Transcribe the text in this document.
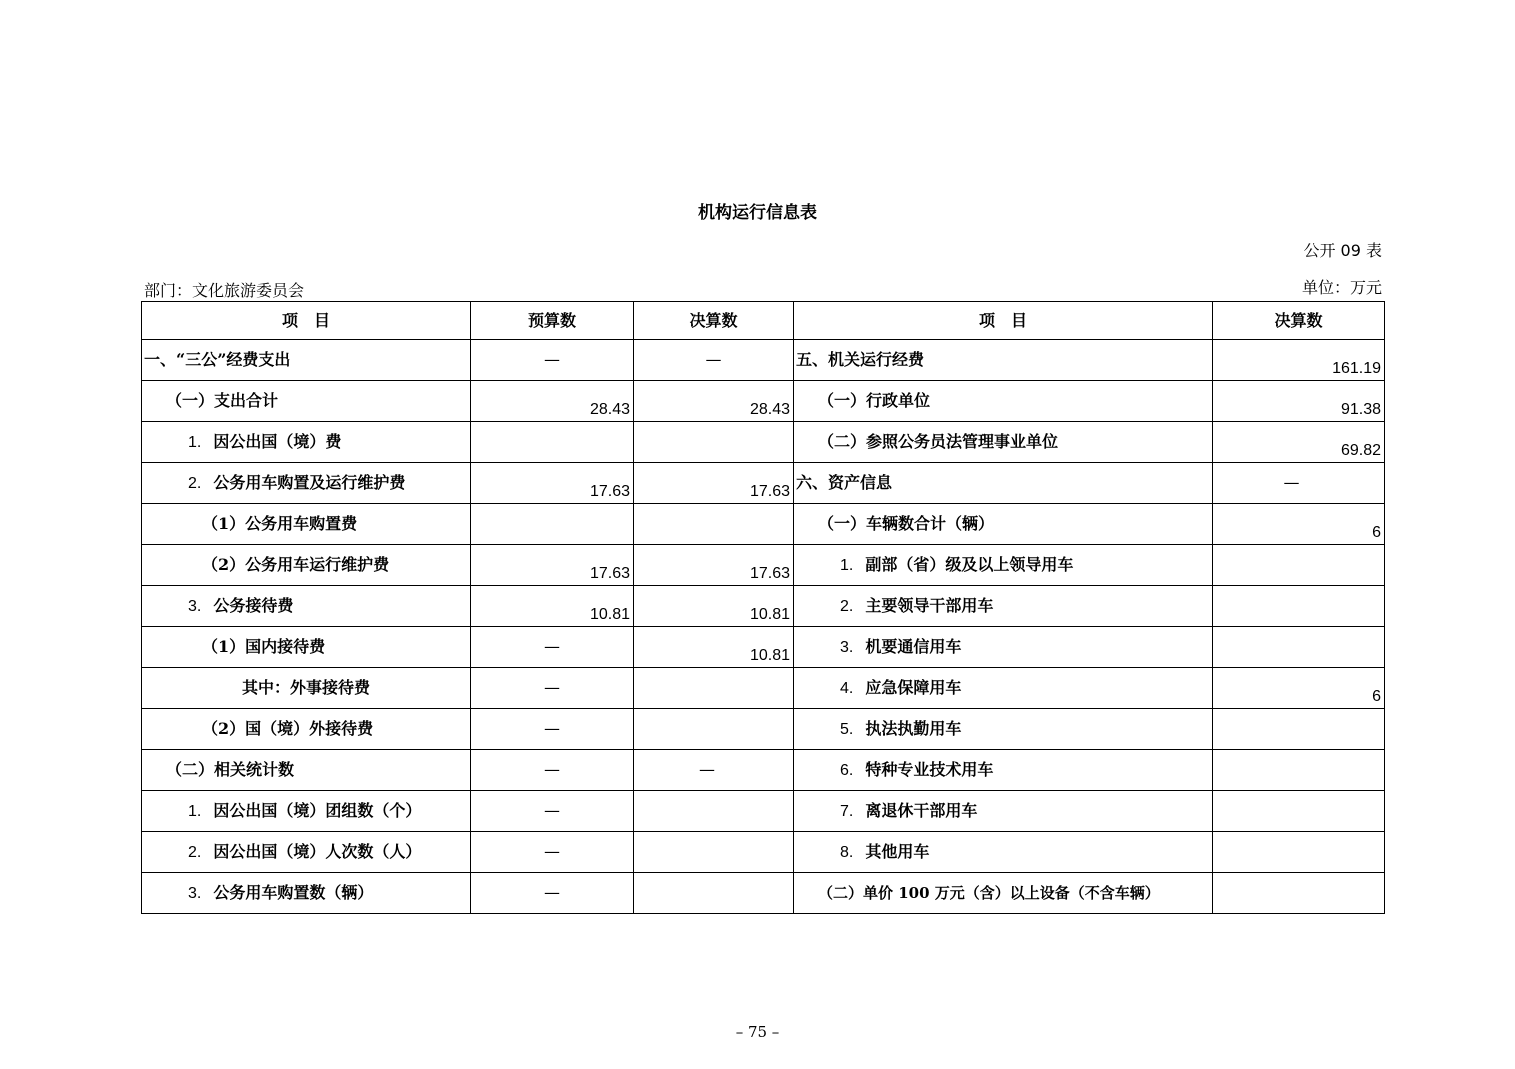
机构运行信息表
公开 09 表
部门：文化旅游委员会	单位：万元
项　目	预算数	决算数	项　目	决算数
一、“三公”经费支出	—	—	五、机关运行经费	161.19
（一）支出合计	28.43	28.43	（一）行政单位	91.38
1. 因公出国（境）费			（二）参照公务员法管理事业单位	69.82
2. 公务用车购置及运行维护费	17.63	17.63	六、资产信息	—
（1）公务用车购置费			（一）车辆数合计（辆）	6
（2）公务用车运行维护费	17.63	17.63	1. 副部（省）级及以上领导用车	
3. 公务接待费	10.81	10.81	2. 主要领导干部用车	
（1）国内接待费	—	10.81	3. 机要通信用车	
其中：外事接待费	—		4. 应急保障用车	6
（2）国（境）外接待费	—		5. 执法执勤用车	
（二）相关统计数	—	—	6. 特种专业技术用车	
1. 因公出国（境）团组数（个）	—		7. 离退休干部用车	
2. 因公出国（境）人次数（人）	—		8. 其他用车	
3. 公务用车购置数（辆）	—		（二）单价 100 万元（含）以上设备（不含车辆）	
– 75 –
